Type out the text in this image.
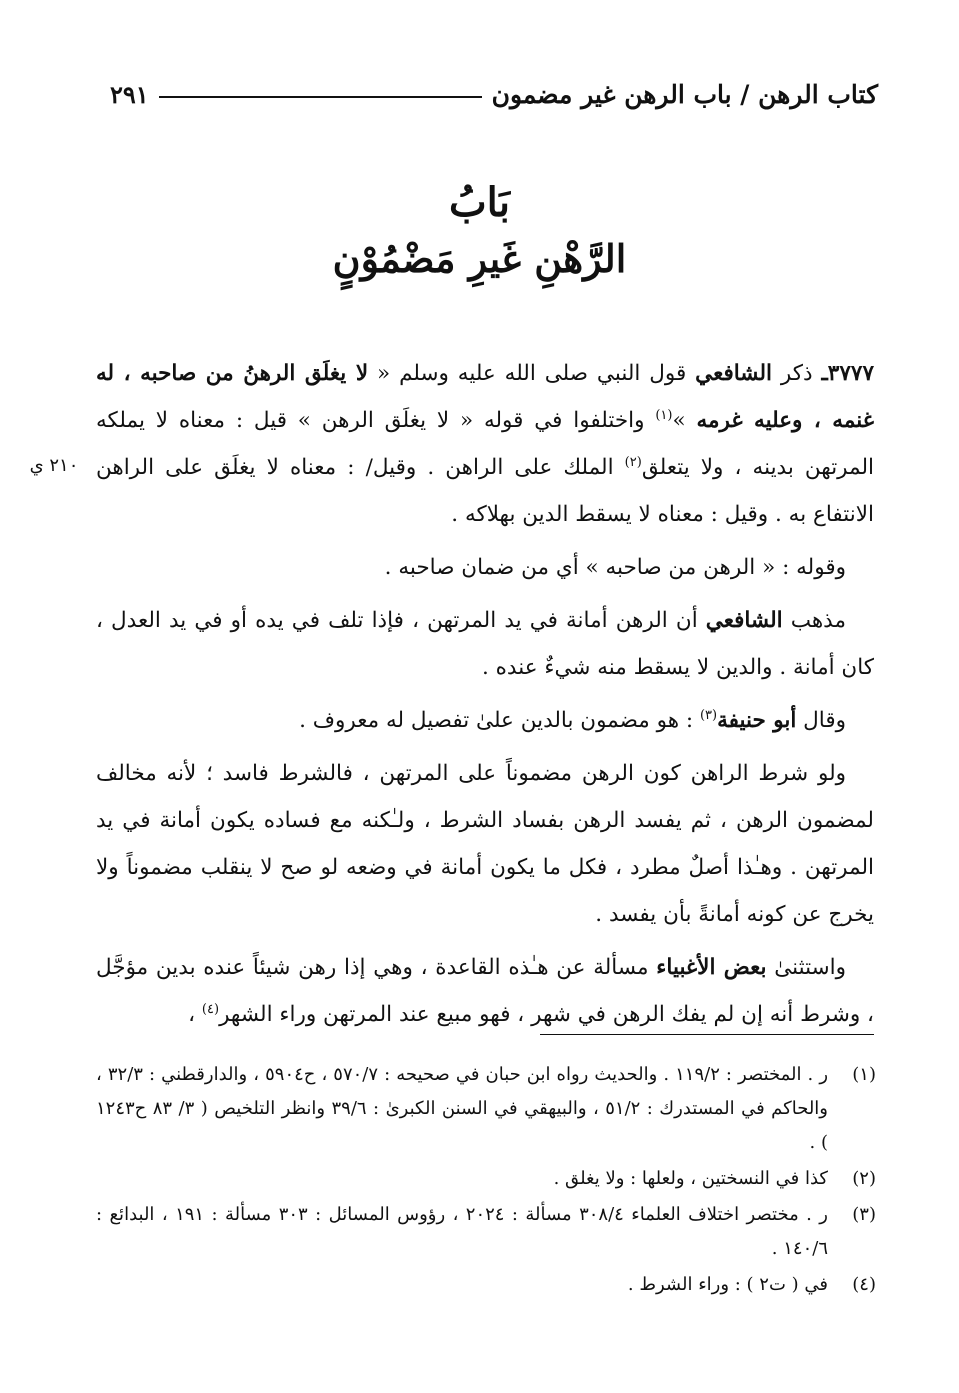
كتاب الرهن / باب الرهن غير مضمون
٢٩١
بَابُ
الرَّهْنِ غَيرِ مَضْمُوْنٍ
٢١٠ ي

٣٧٧٧ـ ذكر الشافعي قول النبي صلى الله عليه وسلم « لا يغلَق الرهنُ من صاحبه ، له غنمه ، وعليه غرمه »$^{(١)}$ واختلفوا في قوله « لا يغلَق الرهن » قيل : معناه لا يملكه المرتهن بدينه ، ولا يتعلق$^{(٢)}$ الملك على الراهن . وقيل/ : معناه لا يغلَق على الراهن الانتفاع به . وقيل : معناه لا يسقط الدين بهلاكه .

وقوله : « الرهن من صاحبه » أي من ضمان صاحبه .

مذهب الشافعي أن الرهن أمانة في يد المرتهن ، فإذا تلف في يده أو في يد العدل ، كان أمانة . والدين لا يسقط منه شيءٌ عنده .

وقال أبو حنيفة$^{(٣)}$ : هو مضمون بالدين علىٰ تفصيل له معروف .

ولو شرط الراهن كون الرهن مضموناً على المرتهن ، فالشرط فاسد ؛ لأنه مخالف لمضمون الرهن ، ثم يفسد الرهن بفساد الشرط ، ولـٰكنه مع فساده يكون أمانة في يد المرتهن . وهـٰذا أصلٌ مطرد ، فكل ما يكون أمانة في وضعه لو صح لا ينقلب مضموناً ولا يخرج عن كونه أمانةً بأن يفسد .

واستثنىٰ بعض الأغبياء مسألة عن هـٰذه القاعدة ، وهي إذا رهن شيئاً عنده بدين مؤجَّل ، وشرط أنه إن لم يفك الرهن في شهر ، فهو مبيع عند المرتهن وراء الشهر$^{(٤)}$ ،

(١)
ر . المختصر : ١١٩/٢ . والحديث رواه ابن حبان في صحيحه : ٥٧٠/٧ ، ح٥٩٠٤ ، والدارقطني : ٣٢/٣ ، والحاكم في المستدرك : ٥١/٢ ، والبيهقي في السنن الكبرىٰ : ٣٩/٦ وانظر التلخيص ( ٣/ ٨٣ ح١٢٤٣ ) .
(٢)
كذا في النسختين ، ولعلها : ولا يغلق .
(٣)
ر . مختصر اختلاف العلماء ٣٠٨/٤ مسألة : ٢٠٢٤ ، رؤوس المسائل : ٣٠٣ مسألة : ١٩١ ، البدائع : ١٤٠/٦ .
(٤)
في ( ت٢ ) : وراء الشرط .
